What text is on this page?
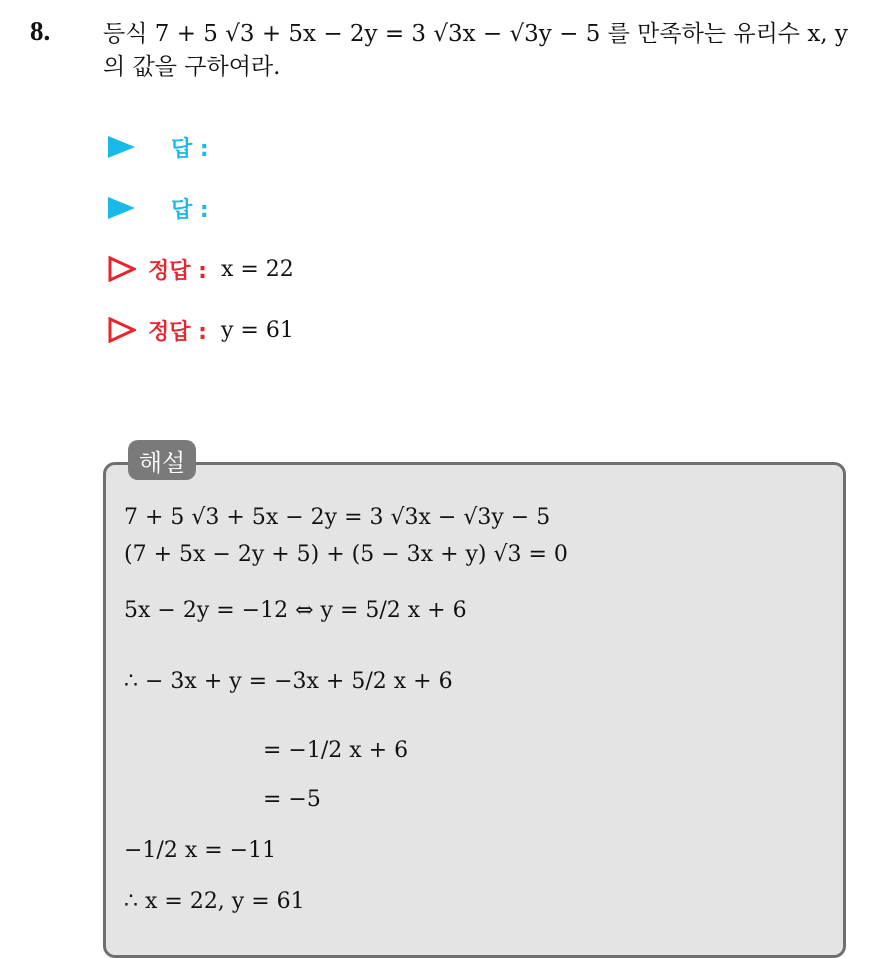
8. 등식 7 + 5 √3 + 5x − 2y = 3 √3x − √3y − 5 를 만족하는 유리수 x, y 의 값을 구하여라.
답 :
답 :
정답 : x = 22
정답 : y = 61
해설
7 + 5 √3 + 5x − 2y = 3 √3x − √3y − 5
(7 + 5x − 2y + 5) + (5 − 3x + y) √3 = 0
5x − 2y = −12 ⇔ y = 5/2 x + 6
∴ − 3x + y = −3x + 5/2 x + 6
= −1/2 x + 6
= −5
−1/2 x = −11
∴ x = 22, y = 61
